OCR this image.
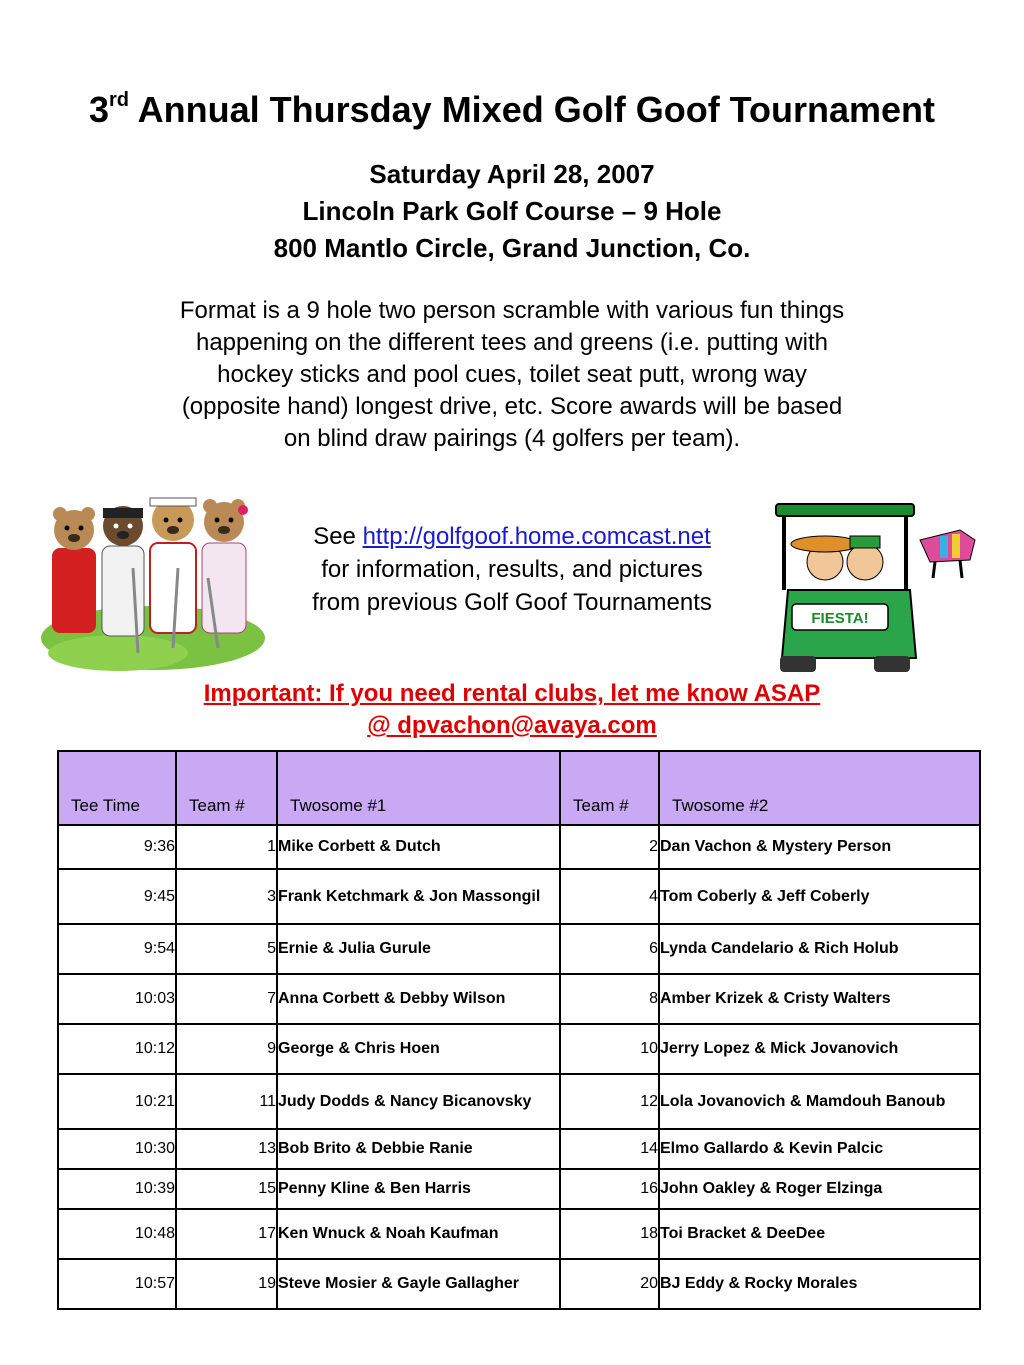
3rd Annual Thursday Mixed Golf Goof Tournament
Saturday April 28, 2007
Lincoln Park Golf Course – 9 Hole
800 Mantlo Circle, Grand Junction, Co.
Format is a 9 hole two person scramble with various fun things happening on the different tees and greens (i.e. putting with hockey sticks and pool cues, toilet seat putt, wrong way (opposite hand) longest drive, etc. Score awards will be based on blind draw pairings (4 golfers per team).
FIESTA!
See http://golfgoof.home.comcast.net
for information, results, and pictures
from previous Golf Goof Tournaments
Important: If you need rental clubs, let me know ASAP
@ dpvachon@avaya.com
Tee Time	Team #	Twosome #1	Team #	Twosome #2
9:36	1	Mike Corbett & Dutch	2	Dan Vachon & Mystery Person
9:45	3	Frank Ketchmark & Jon Massongil	4	Tom Coberly & Jeff Coberly
9:54	5	Ernie & Julia Gurule	6	Lynda Candelario & Rich Holub
10:03	7	Anna Corbett & Debby Wilson	8	Amber Krizek & Cristy Walters
10:12	9	George & Chris Hoen	10	Jerry Lopez & Mick Jovanovich
10:21	11	Judy Dodds & Nancy Bicanovsky	12	Lola Jovanovich & Mamdouh Banoub
10:30	13	Bob Brito & Debbie Ranie	14	Elmo Gallardo & Kevin Palcic
10:39	15	Penny Kline & Ben Harris	16	John Oakley & Roger Elzinga
10:48	17	Ken Wnuck & Noah Kaufman	18	Toi Bracket & DeeDee
10:57	19	Steve Mosier & Gayle Gallagher	20	BJ Eddy & Rocky Morales
